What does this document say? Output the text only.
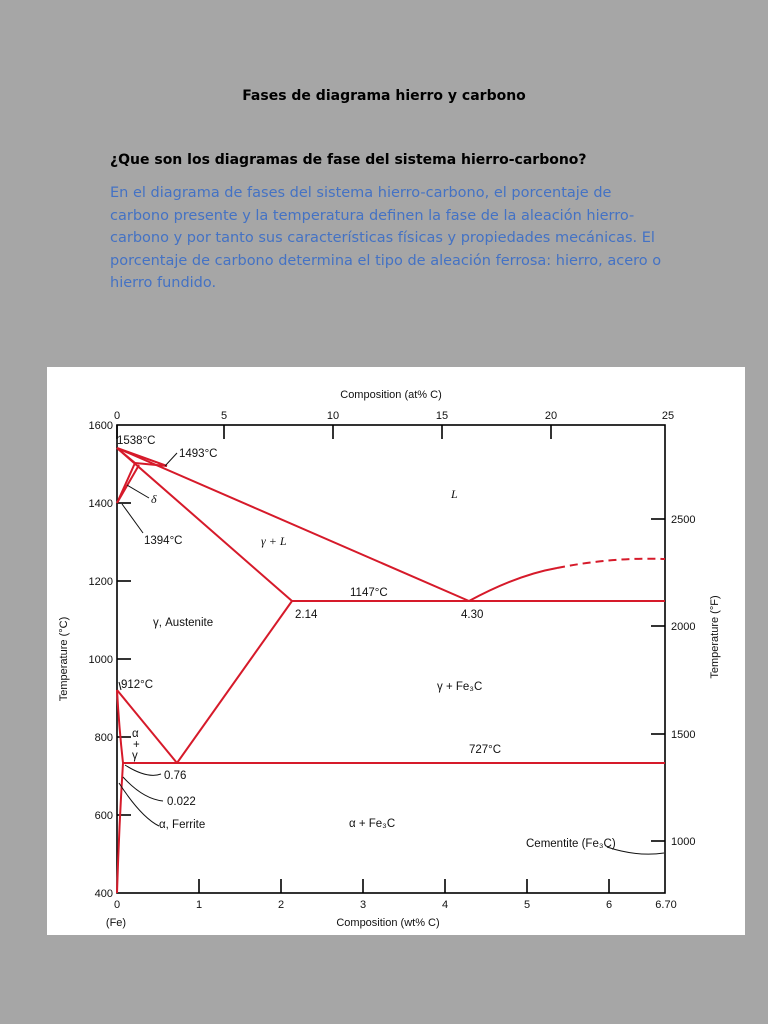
Fases de diagrama hierro y carbono
¿Que son los diagramas de fase del sistema hierro-carbono?
En el diagrama de fases del sistema hierro-carbono, el porcentaje de carbono presente y la temperatura definen la fase de la aleación hierro-carbono y por tanto sus características físicas y propiedades mecánicas. El porcentaje de carbono determina el tipo de aleación ferrosa: hierro, acero o hierro fundido.
Composition (at% C)
0	5	10	15	20	25
0	1	2	3	4	5	6	6.70
(Fe)	Composition (wt% C)
1600
1400
1200
1000
800
600
400
Temperature (°C)
2500
2000
1500
1000
Temperature (°F)
1538°C
1493°C
δ	L
1394°C	γ + L
1147°C
2.14	4.30
γ, Austenite
912°C	γ + Fe₃C
α
+
γ	727°C
0.76
0.022
α, Ferrite	α + Fe₃C
Cementite (Fe₃C)
